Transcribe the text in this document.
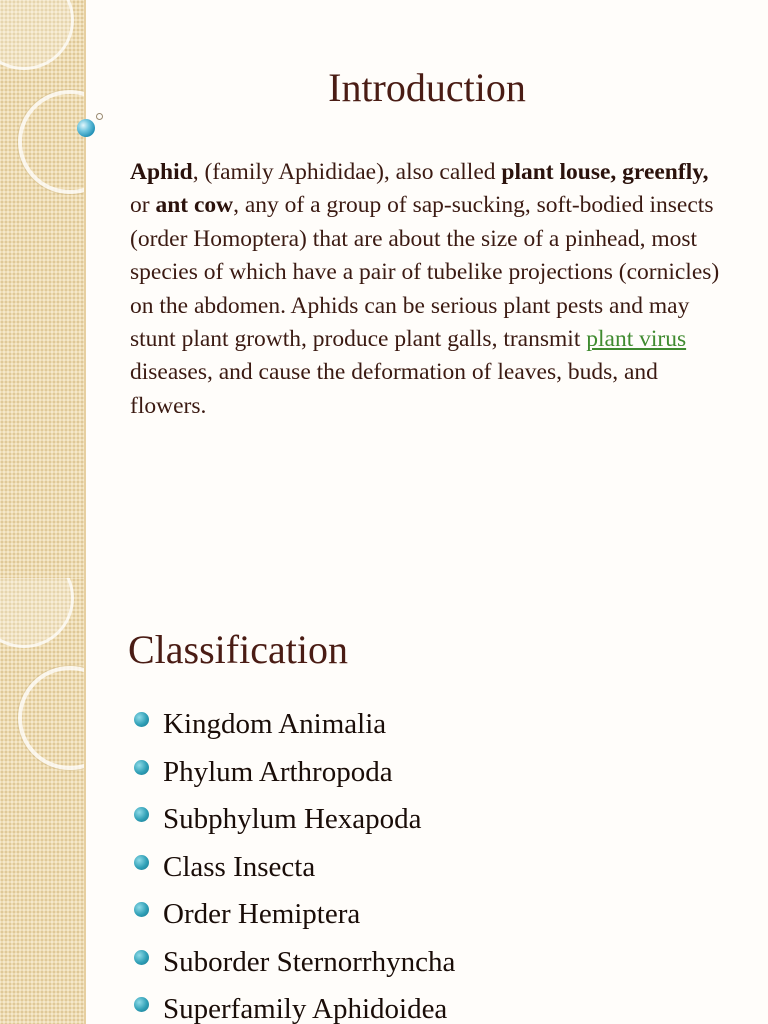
Introduction

Aphid, (family Aphididae), also called plant louse, greenfly, or ant cow, any of a group of sap-sucking, soft-bodied insects (order Homoptera) that are about the size of a pinhead, most species of which have a pair of tubelike projections (cornicles) on the abdomen. Aphids can be serious plant pests and may stunt plant growth, produce plant galls, transmit plant virus diseases, and cause the deformation of leaves, buds, and flowers.

Classification
Kingdom Animalia
Phylum Arthropoda
Subphylum Hexapoda
Class Insecta
Order Hemiptera
Suborder Sternorrhyncha
Superfamily Aphidoidea
